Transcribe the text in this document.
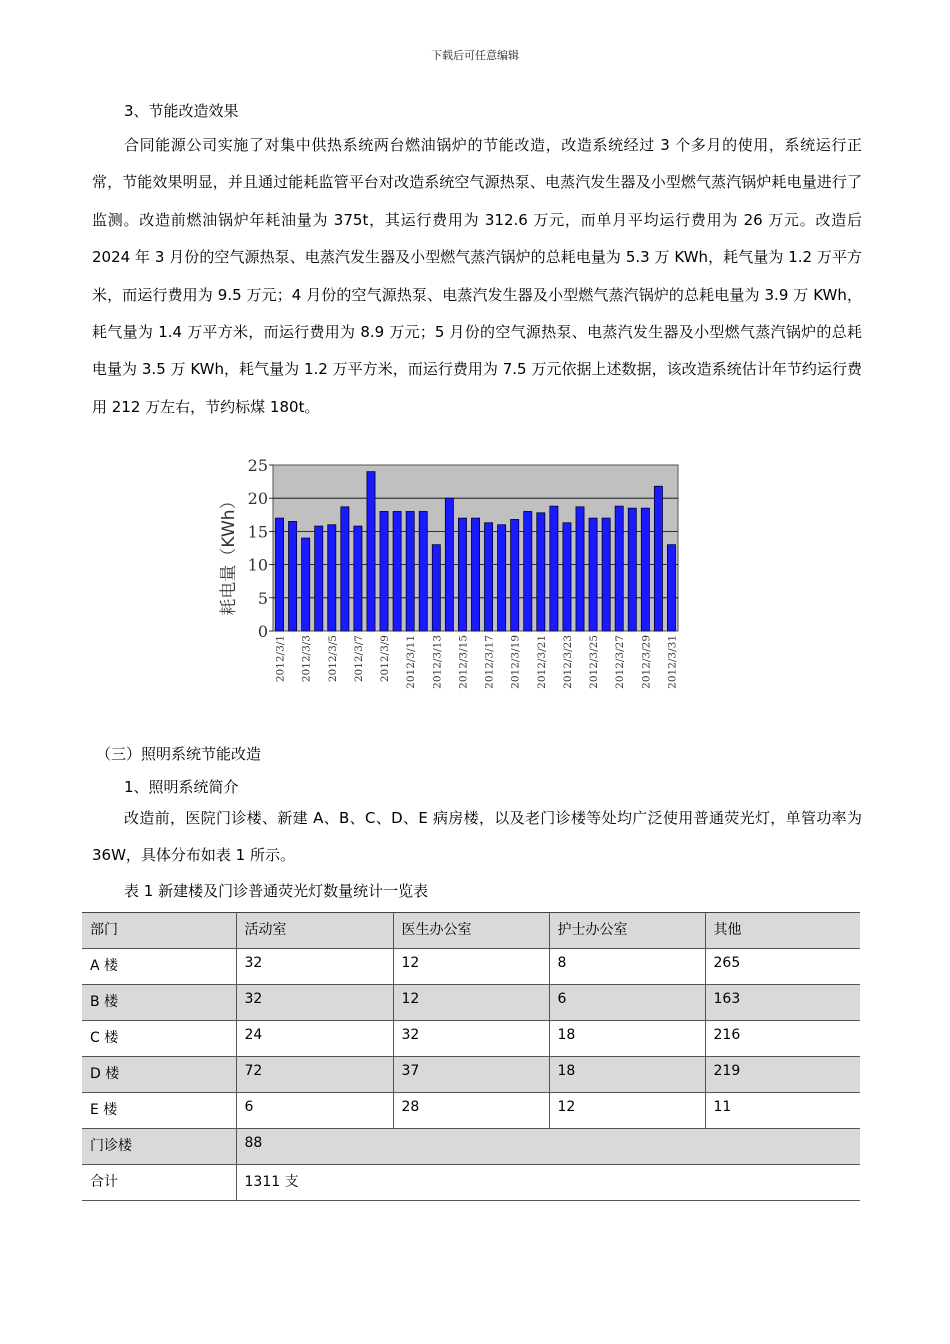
下载后可任意编辑
3、节能改造效果
合同能源公司实施了对集中供热系统两台燃油锅炉的节能改造，改造系统经过 3 个多月的使用，系统运行正常，节能效果明显，并且通过能耗监管平台对改造系统空气源热泵、电蒸汽发生器及小型燃气蒸汽锅炉耗电量进行了监测。改造前燃油锅炉年耗油量为 375t，其运行费用为 312.6 万元，而单月平均运行费用为 26 万元。改造后 2024 年 3 月份的空气源热泵、电蒸汽发生器及小型燃气蒸汽锅炉的总耗电量为 5.3 万 KWh，耗气量为 1.2 万平方米，而运行费用为 9.5 万元；4 月份的空气源热泵、电蒸汽发生器及小型燃气蒸汽锅炉的总耗电量为 3.9 万 KWh，耗气量为 1.4 万平方米，而运行费用为 8.9 万元；5 月份的空气源热泵、电蒸汽发生器及小型燃气蒸汽锅炉的总耗电量为 3.5 万 KWh，耗气量为 1.2 万平方米，而运行费用为 7.5 万元依据上述数据，该改造系统估计年节约运行费用 212 万左右，节约标煤 180t。
0
5
10
15
20
25
耗电量（KWh）
2012/3/1 2012/3/3 2012/3/5 2012/3/7 2012/3/9 2012/3/11 2012/3/13 2012/3/15 2012/3/17 2012/3/19 2012/3/21 2012/3/23 2012/3/25 2012/3/27 2012/3/29 2012/3/31
（三）照明系统节能改造
1、照明系统简介
改造前，医院门诊楼、新建 A、B、C、D、E 病房楼，以及老门诊楼等处均广泛使用普通荧光灯，单管功率为 36W，具体分布如表 1 所示。
表 1 新建楼及门诊普通荧光灯数量统计一览表
部门	活动室	医生办公室	护士办公室	其他
A 楼	32	12	8	265
B 楼	32	12	6	163
C 楼	24	32	18	216
D 楼	72	37	18	219
E 楼	6	28	12	11
门诊楼	88			
合计	1311 支			
